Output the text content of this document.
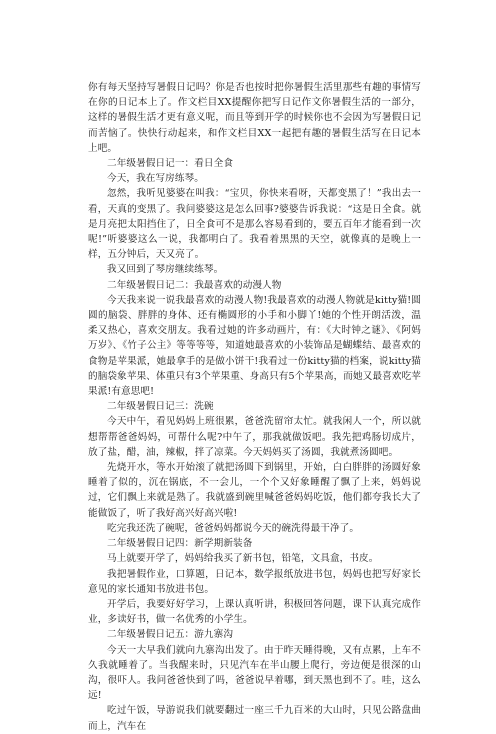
你有每天坚持写暑假日记吗？你是否也按时把你暑假生活里那些有趣的事情写在你的日记本上了。作文栏目XX提醒你把写日记作文你暑假生活的一部分，这样的暑假生活才更有意义呢，而且等到开学的时候你也不会因为写暑假日记而苦恼了。快快行动起来，和作文栏目XX一起把有趣的暑假生活写在日记本上吧。

二年级暑假日记一：看日全食

今天，我在写房练琴。

忽然，我听见婆婆在叫我：“宝贝，你快来看呀，天都变黑了！”我出去一看，天真的变黑了。我问婆婆这是怎么回事?婆婆告诉我说：“这是日全食。就是月亮把太阳挡住了，日全食可不是那么容易看到的，要五百年才能看到一次呢!”听婆婆这么一说，我都明白了。我看着黑黑的天空，就像真的是晚上一样，五分钟后，天又亮了。

我又回到了琴房继续练琴。

二年级暑假日记二：我最喜欢的动漫人物

今天我来说一说我最喜欢的动漫人物!我最喜欢的动漫人物就是kitty猫!圆圆的脑袋、胖胖的身体、还有椭圆形的小手和小脚丫!她的个性开朗活泼，温柔又热心，喜欢交朋友。我看过她的许多动画片，有：《大时钟之谜》、《阿妈万岁》、《竹子公主》等等等等，知道她最喜欢的小装饰品是蝴蝶结、最喜欢的食物是苹果派，她最拿手的是做小饼干!我看过一份kitty猫的档案，说kitty猫的脑袋象苹果、体重只有3个苹果重、身高只有5个苹果高，而她又最喜欢吃苹果派!有意思吧!

二年级暑假日记三：洗碗

今天中午，看见妈妈上班很累，爸爸洗留帘太忙。就我闲人一个，所以就想帮帮爸爸妈妈，可帮什么呢?中午了，那我就做饭吧。我先把鸡肠切成片，放了盐，醋，油，辣椒，拌了凉菜。今天妈妈买了汤圆，我就煮汤圆吧。

先烧开水，等水开始滚了就把汤圆下到锅里，开始，白白胖胖的汤圆好象睡着了似的，沉在锅底，不一会儿，一个个又好象睡醒了飘了上来，妈妈说过，它们飘上来就是熟了。我就盛到碗里喊爸爸妈妈吃饭，他们都夸我长大了能做饭了，听了我好高兴好高兴啦!

吃完我还洗了碗呢，爸爸妈妈都说今天的碗洗得最干净了。

二年级暑假日记四：新学期新装备

马上就要开学了，妈妈给我买了新书包，铅笔，文具盒，书皮。

我把暑假作业，口算题，日记本，数学报纸放进书包，妈妈也把写好家长意见的家长通知书放进书包。

开学后，我要好好学习，上课认真听讲，积极回答问题，课下认真完成作业，多读好书，做一名优秀的小学生。

二年级暑假日记五：游九寨沟

今天一大早我们就向九寨沟出发了。由于昨天睡得晚，又有点累，上车不久我就睡着了。当我醒来时，只见汽车在半山腰上爬行，旁边便是很深的山沟，很吓人。我问爸爸快到了吗，爸爸说早着哪，到天黑也到不了。哇，这么远!

吃过午饭，导游说我们就要翻过一座三千九百米的大山时，只见公路盘曲而上，汽车在
